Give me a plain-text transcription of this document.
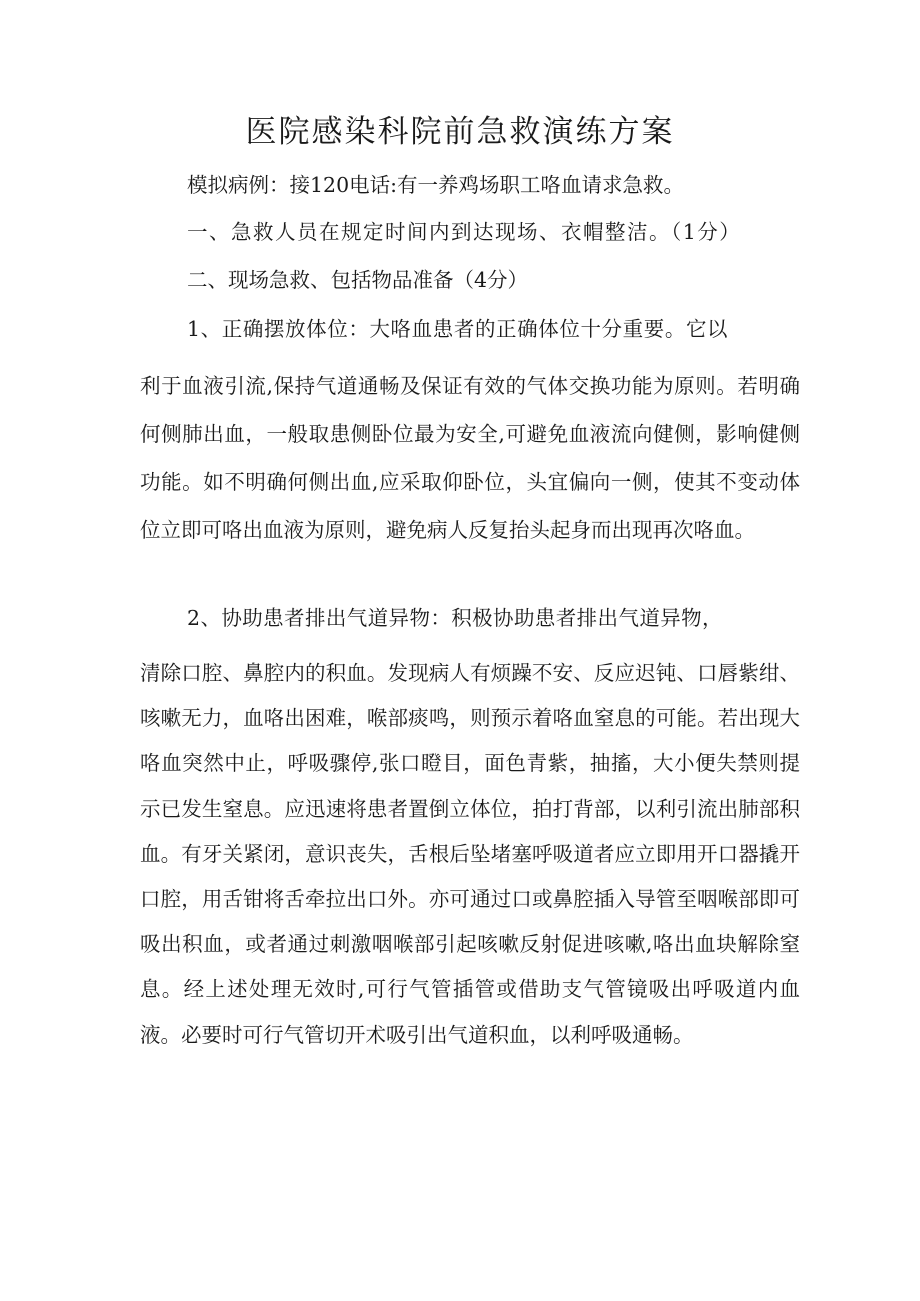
医院感染科院前急救演练方案

模拟病例：接120电话:有一养鸡场职工咯血请求急救。

一、急救人员在规定时间内到达现场、衣帽整洁。（1分）

二、现场急救、包括物品准备（4分）

1、正确摆放体位：大咯血患者的正确体位十分重要。它以

利于血液引流,保持气道通畅及保证有效的气体交换功能为原则。若明确何侧肺出血，一般取患侧卧位最为安全,可避免血液流向健侧，影响健侧功能。如不明确何侧出血,应采取仰卧位，头宜偏向一侧，使其不变动体位立即可咯出血液为原则，避免病人反复抬头起身而出现再次咯血。

2、协助患者排出气道异物：积极协助患者排出气道异物，

清除口腔、鼻腔内的积血。发现病人有烦躁不安、反应迟钝、口唇紫绀、咳嗽无力，血咯出困难，喉部痰鸣，则预示着咯血窒息的可能。若出现大咯血突然中止，呼吸骤停,张口瞪目，面色青紫，抽搐，大小便失禁则提示已发生窒息。应迅速将患者置倒立体位，拍打背部，以利引流出肺部积血。有牙关紧闭，意识丧失，舌根后坠堵塞呼吸道者应立即用开口器撬开口腔，用舌钳将舌牵拉出口外。亦可通过口或鼻腔插入导管至咽喉部即可吸出积血，或者通过刺激咽喉部引起咳嗽反射促进咳嗽,咯出血块解除窒息。经上述处理无效时,可行气管插管或借助支气管镜吸出呼吸道内血液。必要时可行气管切开术吸引出气道积血，以利呼吸通畅。
